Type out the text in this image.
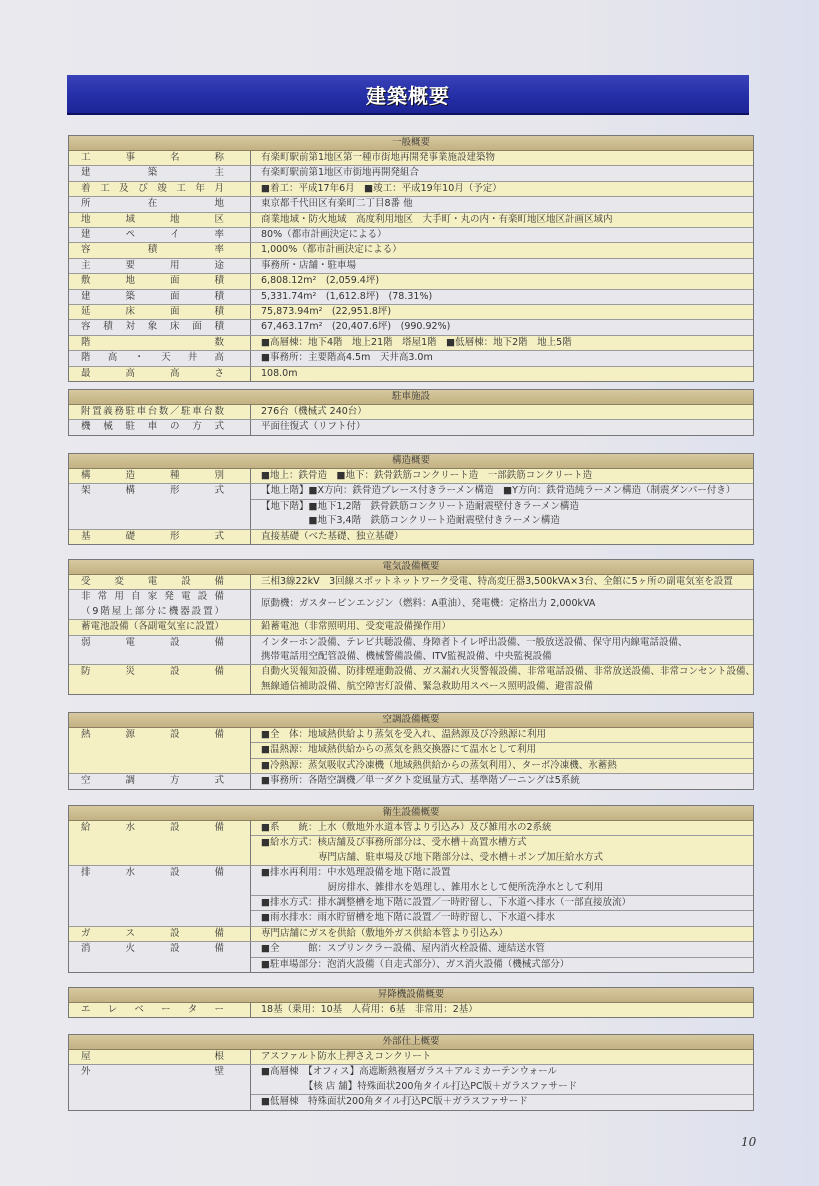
建築概要
一般概要
工事名称	有楽町駅前第1地区第一種市街地再開発事業施設建築物
建築主	有楽町駅前第1地区市街地再開発組合
着工及び竣工年月	■着工：平成17年6月　■竣工：平成19年10月（予定）
所在地	東京都千代田区有楽町二丁目8番 他
地域地区	商業地域・防火地域　高度利用地区　大手町・丸の内・有楽町地区地区計画区域内
建ペイ率	80%（都市計画決定による）
容積率	1,000%（都市計画決定による）
主要用途	事務所・店舗・駐車場
敷地面積	6,808.12m²　(2,059.4坪)
建築面積	5,331.74m²　(1,612.8坪)　(78.31%)
延床面積	75,873.94m²　(22,951.8坪)
容積対象床面積	67,463.17m²　(20,407.6坪)　(990.92%)
階数	■高層棟：地下4階　地上21階　塔屋1階　■低層棟：地下2階　地上5階
階高・天井高	■事務所：主要階高4.5m　天井高3.0m
最高高さ	108.0m
駐車施設
附置義務駐車台数／駐車台数	276台（機械式 240台）
機械駐車の方式	平面往復式（リフト付）
構造概要
構造種別	■地上：鉄骨造　■地下：鉄骨鉄筋コンクリート造　一部鉄筋コンクリート造
架構形式	【地上階】■X方向：鉄骨造ブレース付きラーメン構造　■Y方向：鉄骨造純ラーメン構造（制震ダンパー付き）
【地下階】■地下1,2階　鉄骨鉄筋コンクリート造耐震壁付きラーメン構造
　　　　　■地下3,4階　鉄筋コンクリート造耐震壁付きラーメン構造
基礎形式	直接基礎（べた基礎、独立基礎）
電気設備概要
受変電設備	三相3線22kV　3回線スポットネットワーク受電、特高変圧器3,500kVA×3台、全館に5ヶ所の副電気室を設置
非常用自家発電設備
（9階屋上部分に機器設置）
原動機：ガスタービンエンジン（燃料：A重油）、発電機：定格出力 2,000kVA
蓄電池設備（各副電気室に設置）	鉛蓄電池（非常照明用、受変電設備操作用）
弱電設備	インターホン設備、テレビ共聴設備、身障者トイレ呼出設備、一般放送設備、保守用内線電話設備、
携帯電話用空配管設備、機械警備設備、ITV監視設備、中央監視設備
防災設備	自動火災報知設備、防排煙連動設備、ガス漏れ火災警報設備、非常電話設備、非常放送設備、非常コンセント設備、
無線通信補助設備、航空障害灯設備、緊急救助用スペース照明設備、避雷設備
空調設備概要
熱源設備	■全　体：地域熱供給より蒸気を受入れ、温熱源及び冷熱源に利用
■温熱源：地域熱供給からの蒸気を熱交換器にて温水として利用
■冷熱源：蒸気吸収式冷凍機（地域熱供給からの蒸気利用）、ターボ冷凍機、氷蓄熱
空調方式	■事務所：各階空調機／単一ダクト変風量方式、基準階ゾーニングは5系統
衛生設備概要
給水設備	■系　　統：上水（敷地外水道本管より引込み）及び雑用水の2系統
■給水方式：核店舗及び事務所部分は、受水槽＋高置水槽方式
　　　　　　専門店舗、駐車場及び地下階部分は、受水槽＋ポンプ加圧給水方式
排水設備	■排水再利用：中水処理設備を地下階に設置
　　　　　　　厨房排水、雑排水を処理し、雑用水として便所洗浄水として利用
■排水方式：排水調整槽を地下階に設置／一時貯留し、下水道へ排水（一部直接放流）
■雨水排水：雨水貯留槽を地下階に設置／一時貯留し、下水道へ排水
ガス設備	専門店舗にガスを供給（敷地外ガス供給本管より引込み）
消火設備	■全　　　館：スプリンクラー設備、屋内消火栓設備、連結送水管
■駐車場部分：泡消火設備（自走式部分）、ガス消火設備（機械式部分）
昇降機設備概要
エレベーター	18基（乗用：10基　人荷用：6基　非常用：2基）
外部仕上概要
屋根	アスファルト防水上押さえコンクリート
外壁	■高層棟　【オフィス】高遮断熱複層ガラス＋アルミカーテンウォール
　　　　　【核 店 舗】特殊面状200角タイル打込PC版＋ガラスファサード
■低層棟　特殊面状200角タイル打込PC版＋ガラスファサード
10
